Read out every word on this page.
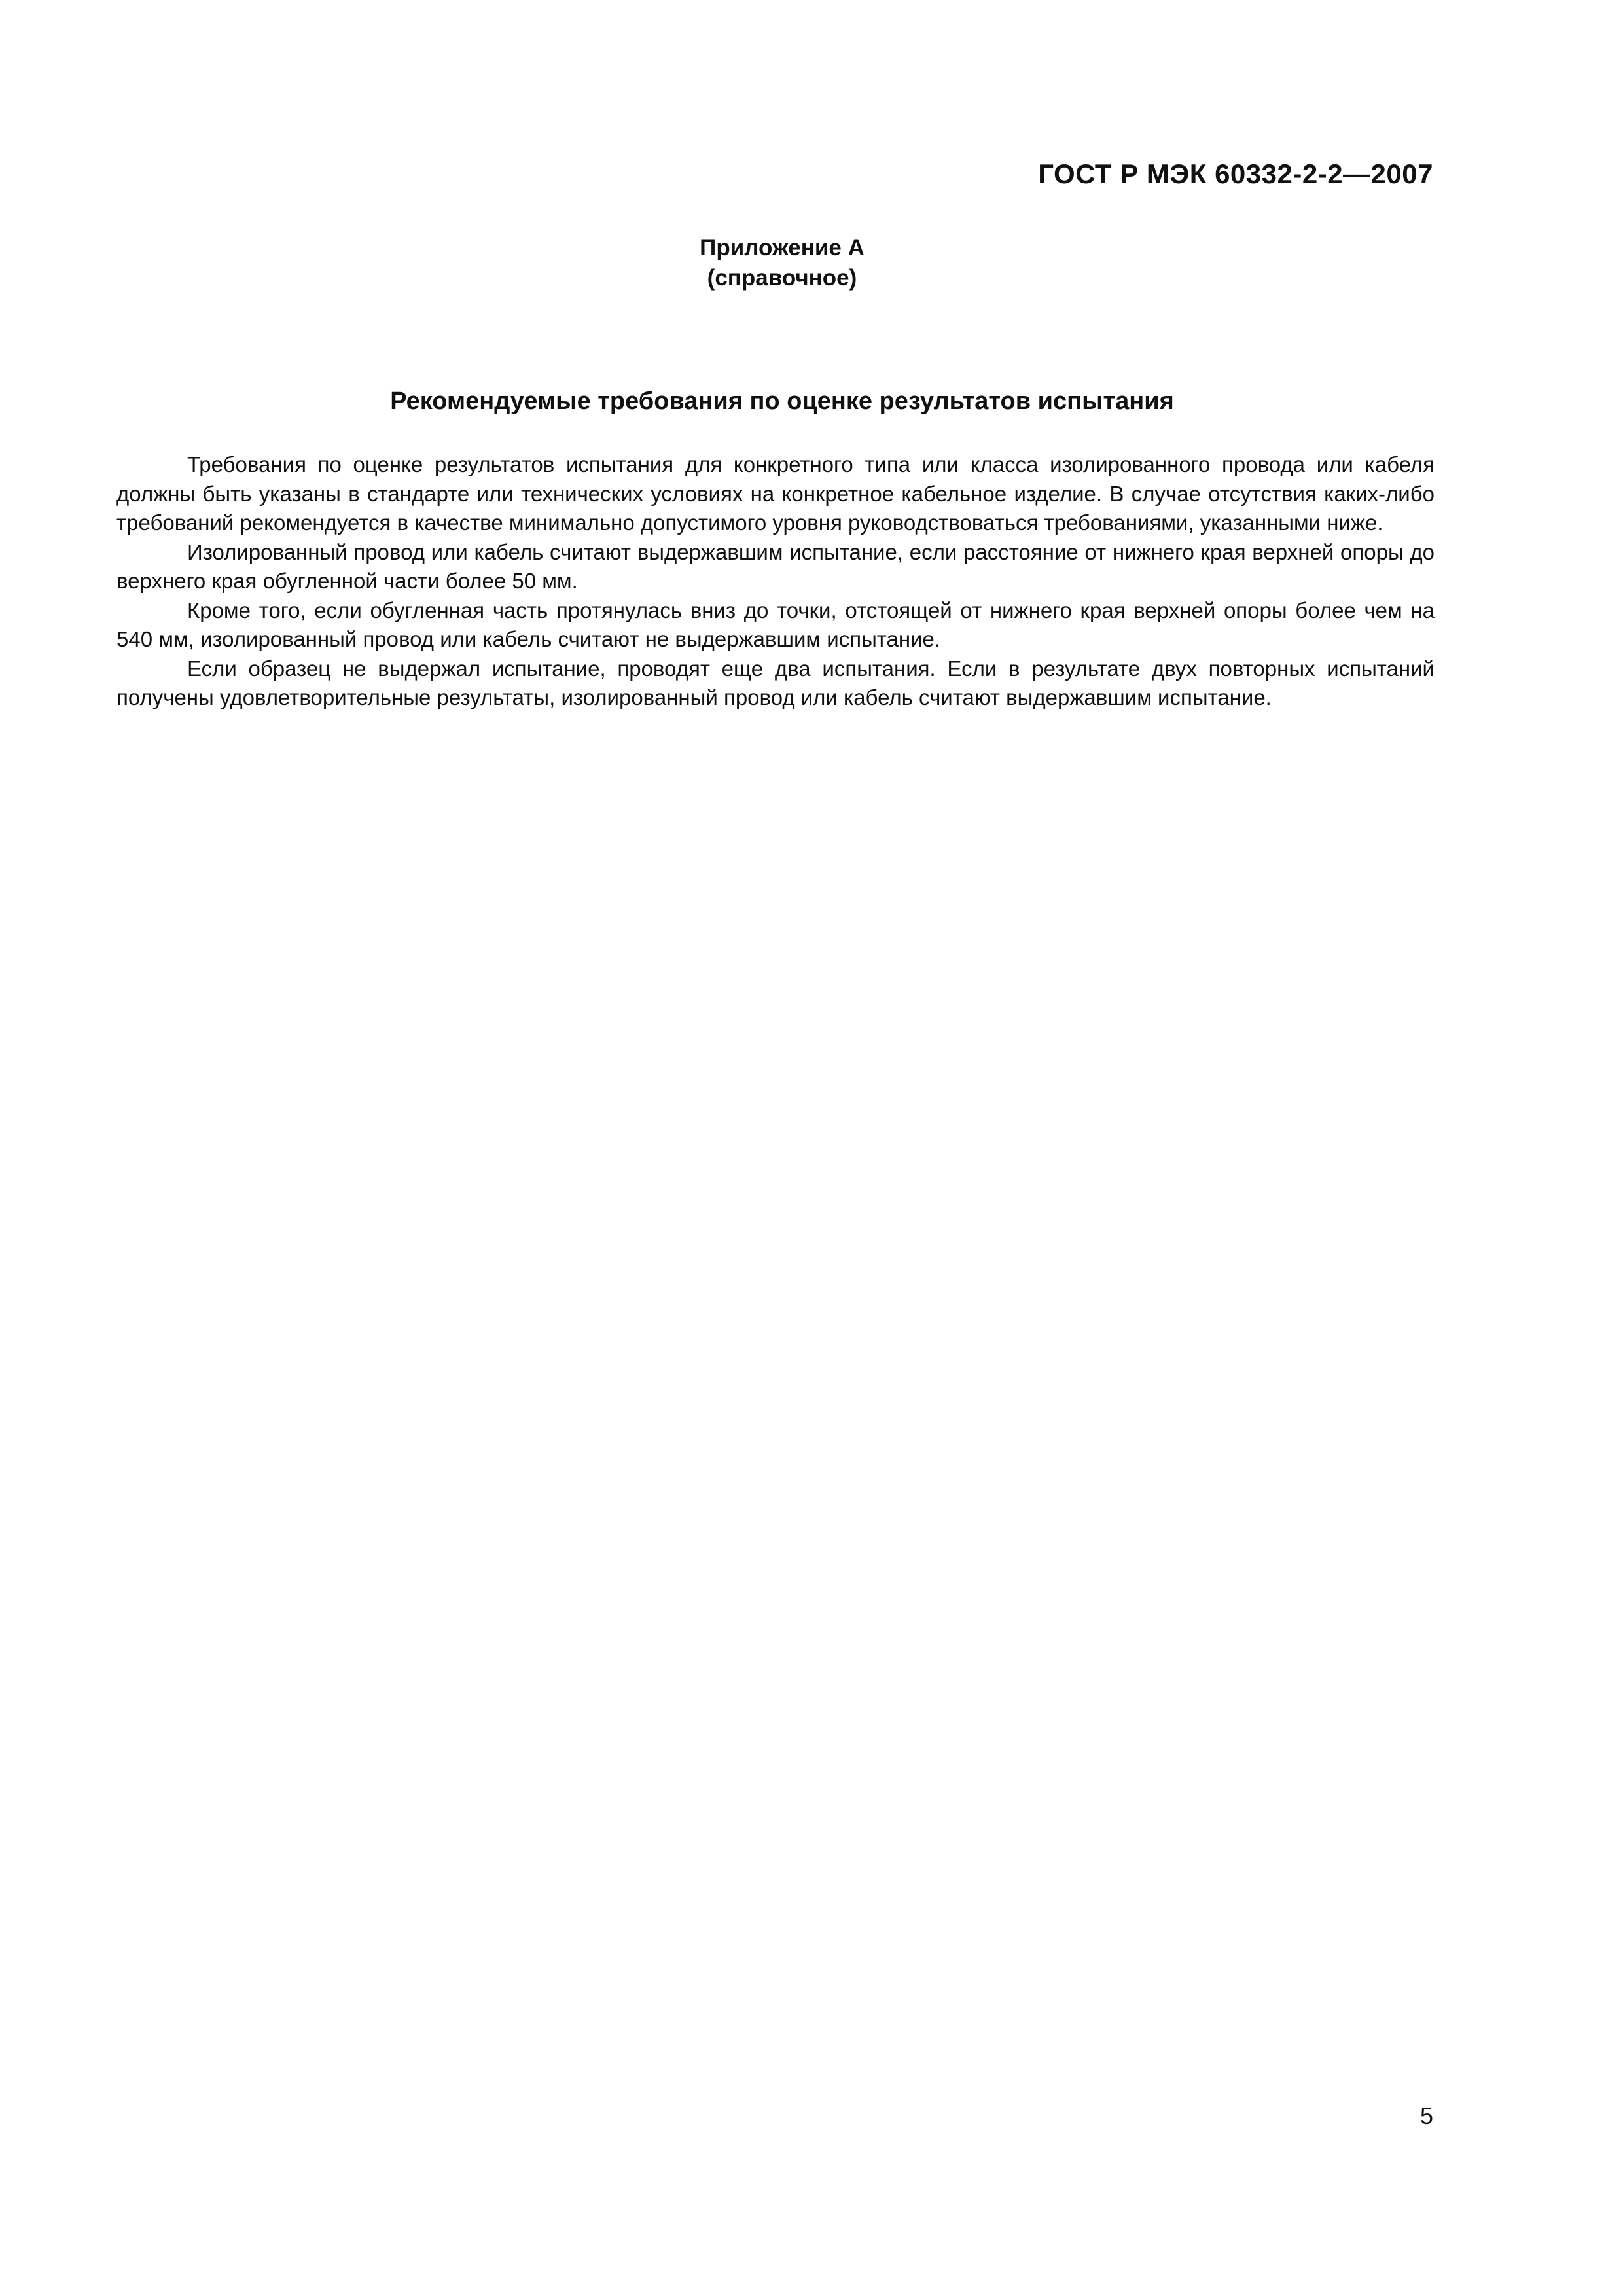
ГОСТ Р МЭК 60332-2-2—2007
Приложение А
(справочное)
Рекомендуемые требования по оценке результатов испытания

Требования по оценке результатов испытания для конкретного типа или класса изолированного провода или кабеля должны быть указаны в стандарте или технических условиях на конкретное кабельное изделие. В случае отсутствия каких-либо требований рекомендуется в качестве минимально допустимого уровня руководствоваться требованиями, указанными ниже.

Изолированный провод или кабель считают выдержавшим испытание, если расстояние от нижнего края верхней опоры до верхнего края обугленной части более 50 мм.

Кроме того, если обугленная часть протянулась вниз до точки, отстоящей от нижнего края верхней опоры более чем на 540 мм, изолированный провод или кабель считают не выдержавшим испытание.

Если образец не выдержал испытание, проводят еще два испытания. Если в результате двух повторных испытаний получены удовлетворительные результаты, изолированный провод или кабель считают выдержавшим испытание.

5
